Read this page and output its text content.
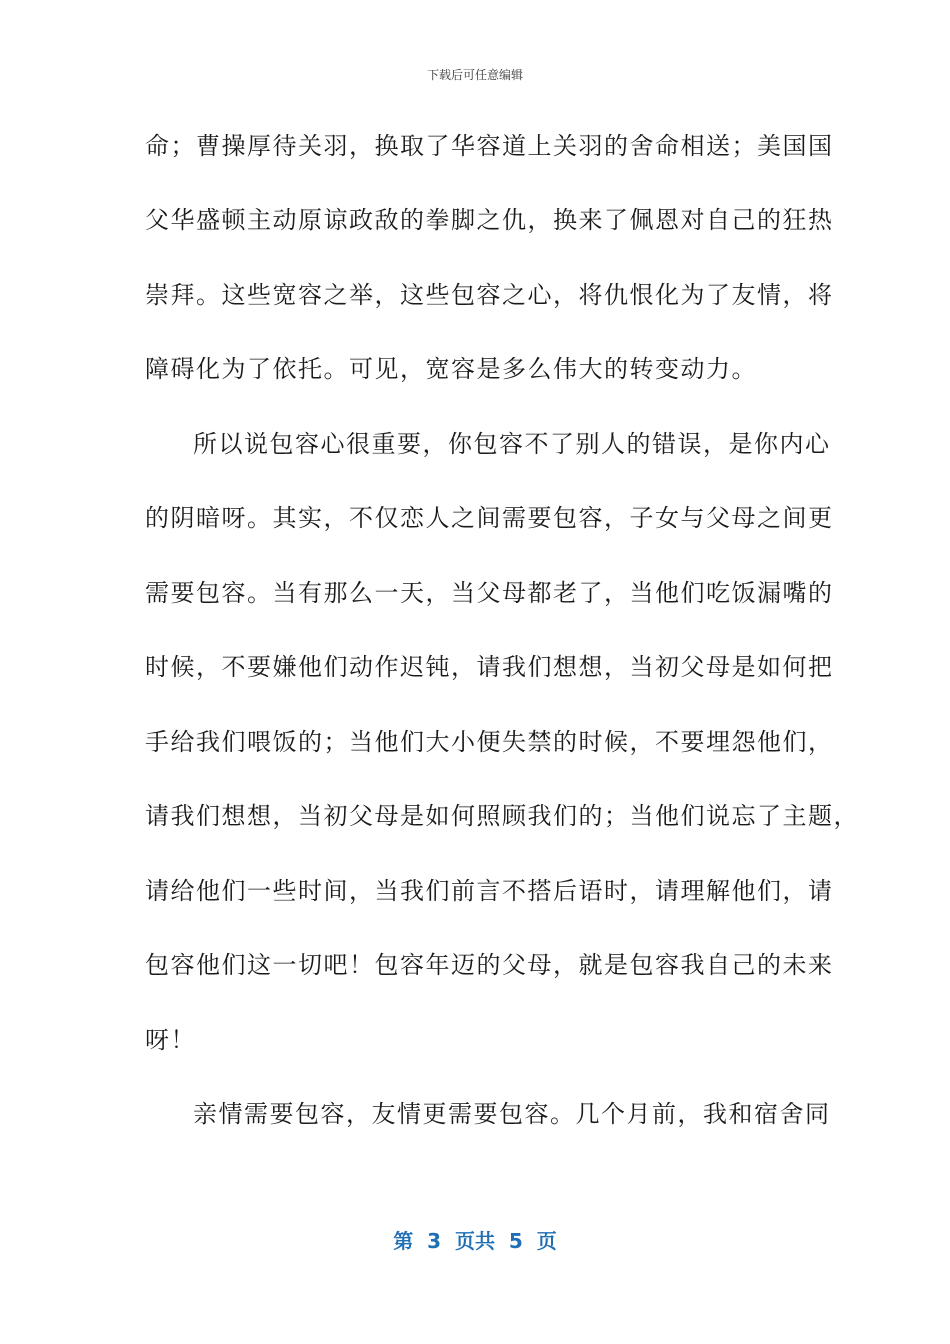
下载后可任意编辑
命；曹操厚待关羽，换取了华容道上关羽的舍命相送；美国国
父华盛顿主动原谅政敌的拳脚之仇，换来了佩恩对自己的狂热
崇拜。这些宽容之举，这些包容之心，将仇恨化为了友情，将
障碍化为了依托。可见，宽容是多么伟大的转变动力。
所以说包容心很重要，你包容不了别人的错误，是你内心
的阴暗呀。其实，不仅恋人之间需要包容，子女与父母之间更
需要包容。当有那么一天，当父母都老了，当他们吃饭漏嘴的
时候，不要嫌他们动作迟钝，请我们想想，当初父母是如何把
手给我们喂饭的；当他们大小便失禁的时候，不要埋怨他们，
请我们想想，当初父母是如何照顾我们的；当他们说忘了主题，
请给他们一些时间，当我们前言不搭后语时，请理解他们，请
包容他们这一切吧！包容年迈的父母，就是包容我自己的未来
呀！
亲情需要包容，友情更需要包容。几个月前，我和宿舍同
第  3  页共  5  页
